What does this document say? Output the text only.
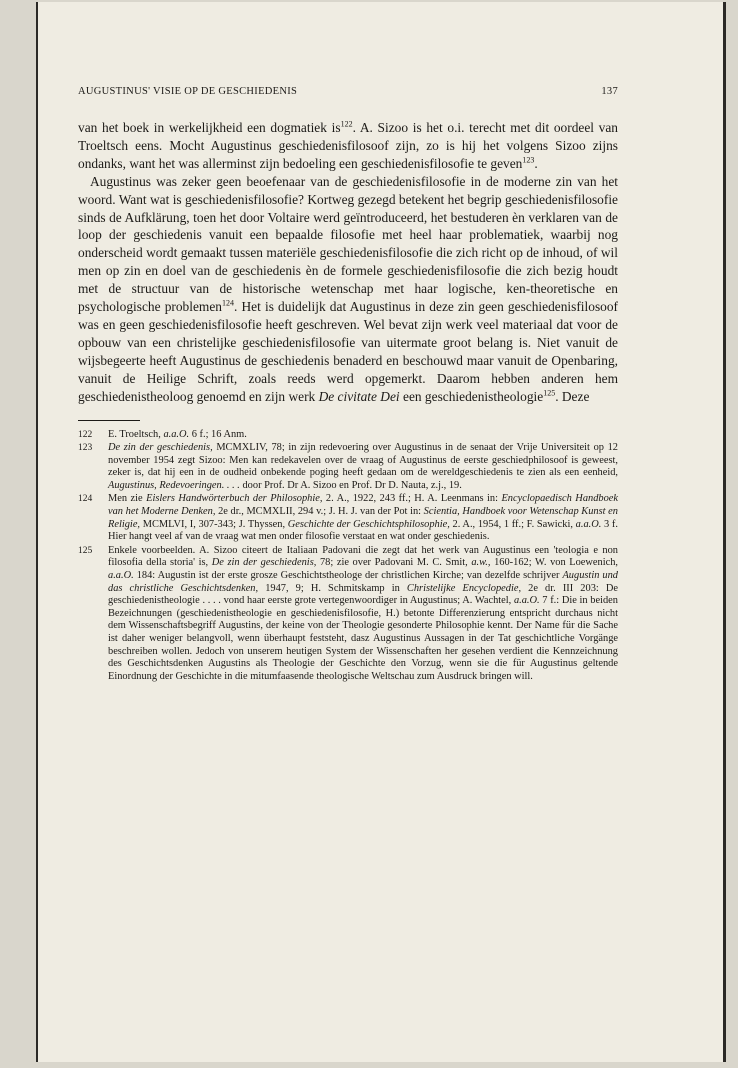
AUGUSTINUS' VISIE OP DE GESCHIEDENIS	137

van het boek in werkelijkheid een dogmatiek $is^{122}$. A. Sizoo is het o.i. terecht met dit oordeel van Troeltsch eens. Mocht Augustinus geschiedenisfilosoof zijn, zo is hij het volgens Sizoo zijns ondanks, want het was allerminst zijn bedoeling een geschiedenisfilosofie te geven$^{123}$.

Augustinus was zeker geen beoefenaar van de geschiedenisfilosofie in de moderne zin van het woord. Want wat is geschiedenisfilosofie? Kortweg gezegd betekent het begrip geschiedenisfilosofie sinds de Aufklärung, toen het door Voltaire werd geïntroduceerd, het bestuderen èn verklaren van de loop der geschiedenis vanuit een bepaalde filosofie met heel haar problematiek, waarbij nog onderscheid wordt gemaakt tussen materiële geschiedenisfilosofie die zich richt op de inhoud, of wil men op zin en doel van de geschiedenis èn de formele geschiedenisfilosofie die zich bezig houdt met de structuur van de historische wetenschap met haar logische, ken-theoretische en psychologische problemen$^{124}$. Het is duidelijk dat Augustinus in deze zin geen geschiedenisfilosoof was en geen geschiedenisfilosofie heeft geschreven. Wel bevat zijn werk veel materiaal dat voor de opbouw van een christelijke geschiedenisfilosofie van uitermate groot belang is. Niet vanuit de wijsbegeerte heeft Augustinus de geschiedenis benaderd en beschouwd maar vanuit de Openbaring, vanuit de Heilige Schrift, zoals reeds werd opgemerkt. Daarom hebben anderen hem geschiedenistheoloog genoemd en zijn werk De civitate Dei een geschiedenistheologie$^{125}$. Deze

122	E. Troeltsch, a.a.O. 6 f.; 16 Anm.
123	De zin der geschiedenis, MCMXLIV, 78; in zijn redevoering over Augustinus in de senaat der Vrije Universiteit op 12 november 1954 zegt Sizoo: Men kan redekavelen over de vraag of Augustinus de eerste geschiedphilosoof is geweest, zeker is, dat hij een in de oudheid onbekende poging heeft gedaan om de wereldgeschiedenis te zien als een eenheid, Augustinus, Redevoeringen. . . . door Prof. Dr A. Sizoo en Prof. Dr D. Nauta, z.j., 19.
124	Men zie Eislers Handwörterbuch der Philosophie, 2. A., 1922, 243 ff.; H. A. Leenmans in: Encyclopaedisch Handboek van het Moderne Denken, 2e dr., MCMXLII, 294 v.; J. H. J. van der Pot in: Scientia, Handboek voor Wetenschap Kunst en Religie, MCMLVI, I, 307-343; J. Thyssen, Geschichte der Geschichtsphilosophie, 2. A., 1954, 1 ff.; F. Sawicki, a.a.O. 3 f. Hier hangt veel af van de vraag wat men onder filosofie verstaat en wat onder geschiedenis.
125	Enkele voorbeelden. A. Sizoo citeert de Italiaan Padovani die zegt dat het werk van Augustinus een 'teologia e non filosofia della storia' is, De zin der geschiedenis, 78; zie over Padovani M. C. Smit, a.w., 160-162; W. von Loewenich, a.a.O. 184: Augustin ist der erste grosze Geschichtstheologe der christlichen Kirche; van dezelfde schrijver Augustin und das christliche Geschichtsdenken, 1947, 9; H. Schmitskamp in Christelijke Encyclopedie, 2e dr. III 203: De geschiedenistheologie . . . . vond haar eerste grote vertegenwoordiger in Augustinus; A. Wachtel, a.a.O. 7 f.: Die in beiden Bezeichnungen (geschiedenistheologie en geschiedenisfilosofie, H.) betonte Differenzierung entspricht durchaus nicht dem Wissenschaftsbegriff Augustins, der keine von der Theologie gesonderte Philosophie kennt. Der Name für die Sache ist daher weniger belangvoll, wenn überhaupt feststeht, dasz Augustinus Aussagen in der Tat geschichtliche Vorgänge beschreiben wollen. Jedoch von unserem heutigen System der Wissenschaften her gesehen verdient die Kennzeichnung des Geschichtsdenken Augustins als Theologie der Geschichte den Vorzug, wenn sie die für Augustinus geltende Einordnung der Geschichte in die mitumfaasende theologische Weltschau zum Ausdruck bringen will.
